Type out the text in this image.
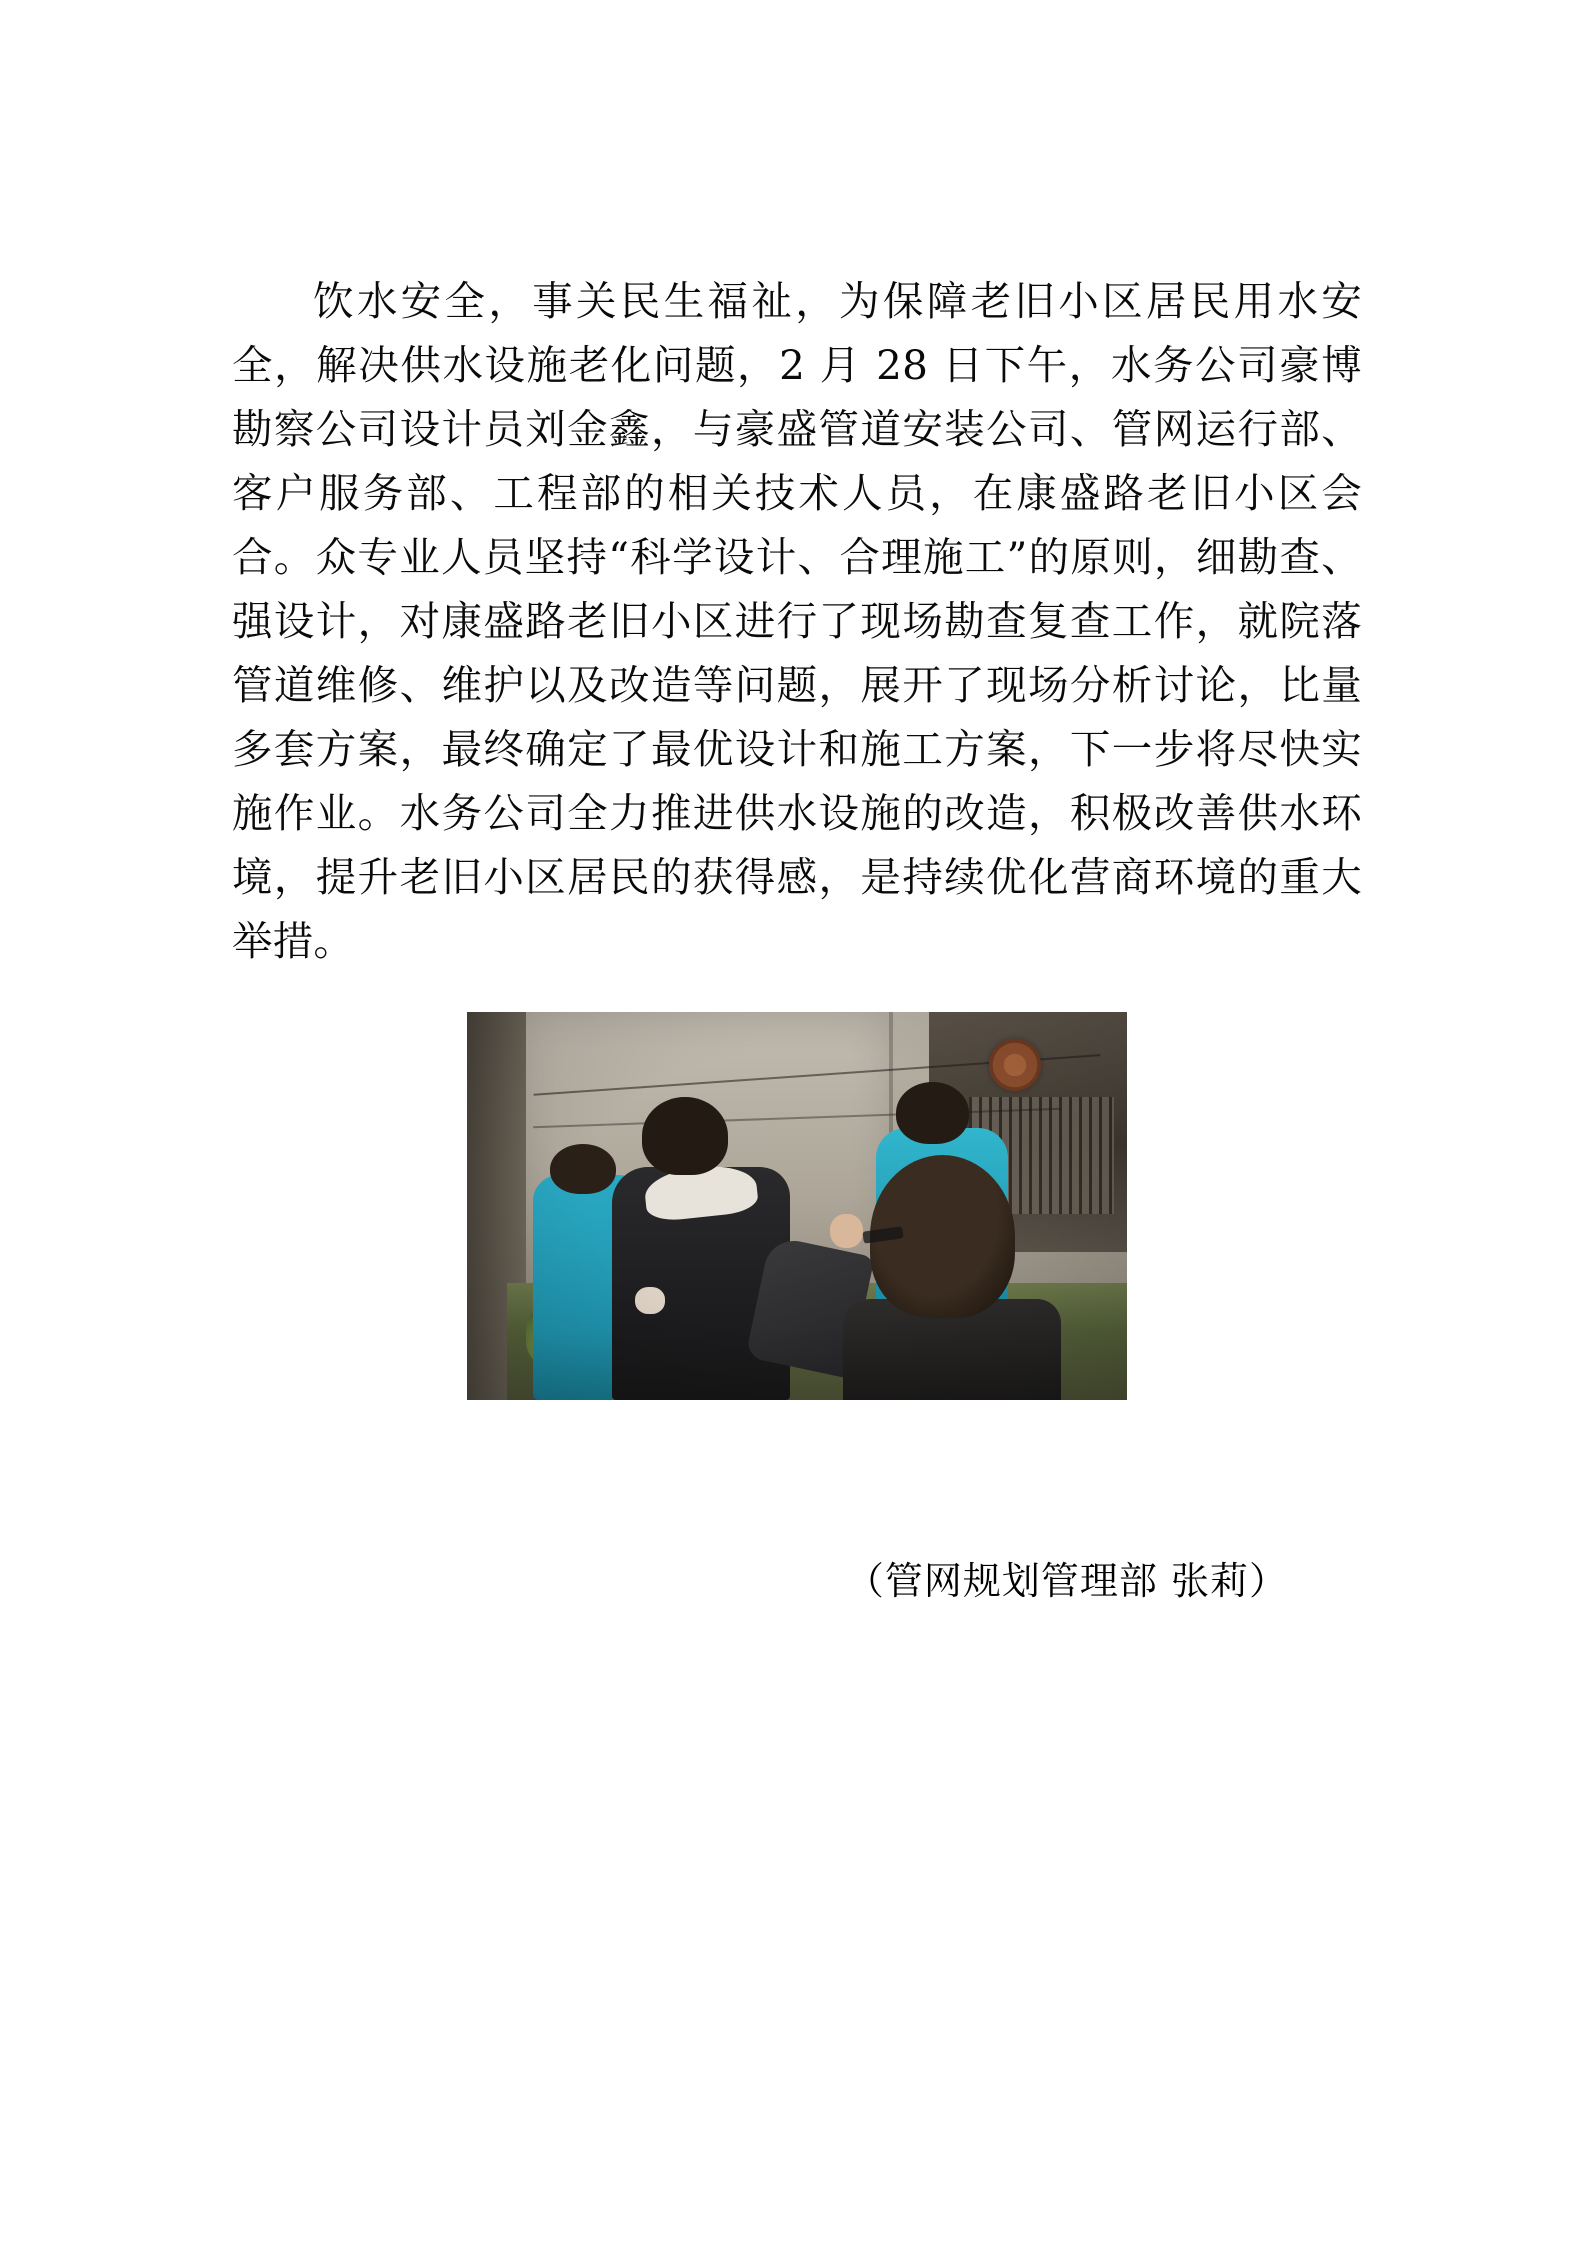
饮水安全，事关民生福祉，为保障老旧小区居民用水安全，解决供水设施老化问题，2 月 28 日下午，水务公司豪博勘察公司设计员刘金鑫，与豪盛管道安装公司、管网运行部、客户服务部、工程部的相关技术人员，在康盛路老旧小区会合。众专业人员坚持“科学设计、合理施工”的原则，细勘查、强设计，对康盛路老旧小区进行了现场勘查复查工作，就院落管道维修、维护以及改造等问题，展开了现场分析讨论，比量多套方案，最终确定了最优设计和施工方案，下一步将尽快实施作业。水务公司全力推进供水设施的改造，积极改善供水环境，提升老旧小区居民的获得感，是持续优化营商环境的重大举措。

（管网规划管理部 张莉）
